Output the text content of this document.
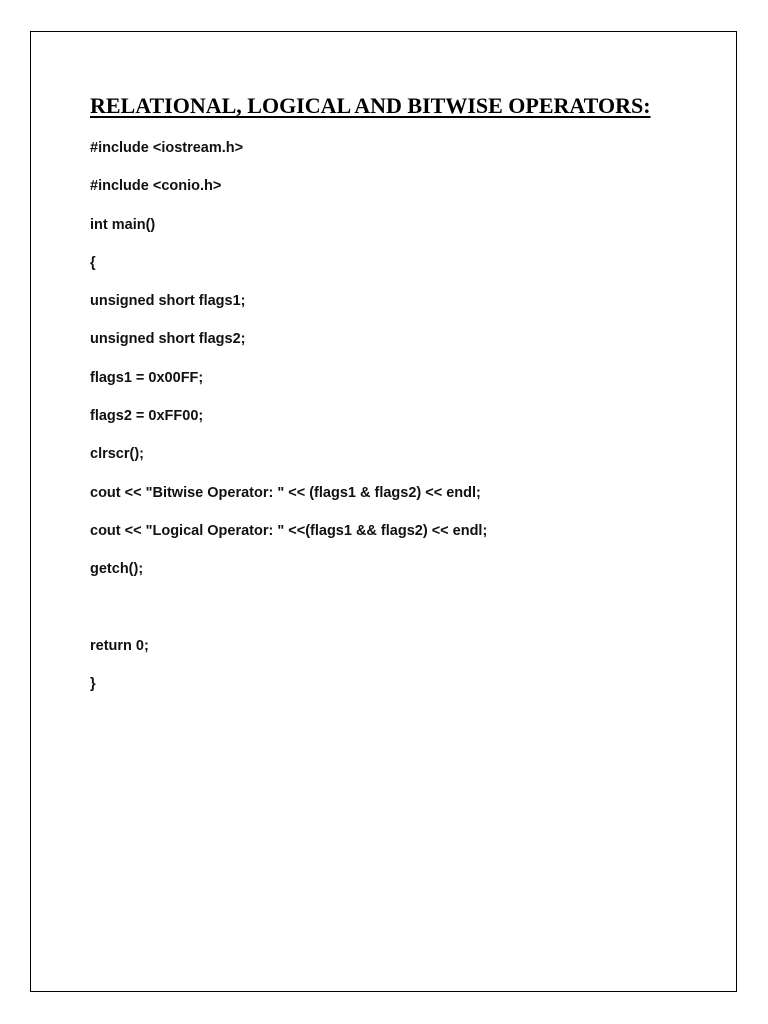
RELATIONAL, LOGICAL AND BITWISE OPERATORS:
#include <iostream.h>
#include <conio.h>
int main()
{
unsigned short flags1;
unsigned short flags2;
flags1 = 0x00FF;
flags2 = 0xFF00;
clrscr();
cout << "Bitwise Operator: " << (flags1 & flags2) << endl;
cout << "Logical Operator: " <<(flags1 && flags2) << endl;
getch();
return 0;
}
